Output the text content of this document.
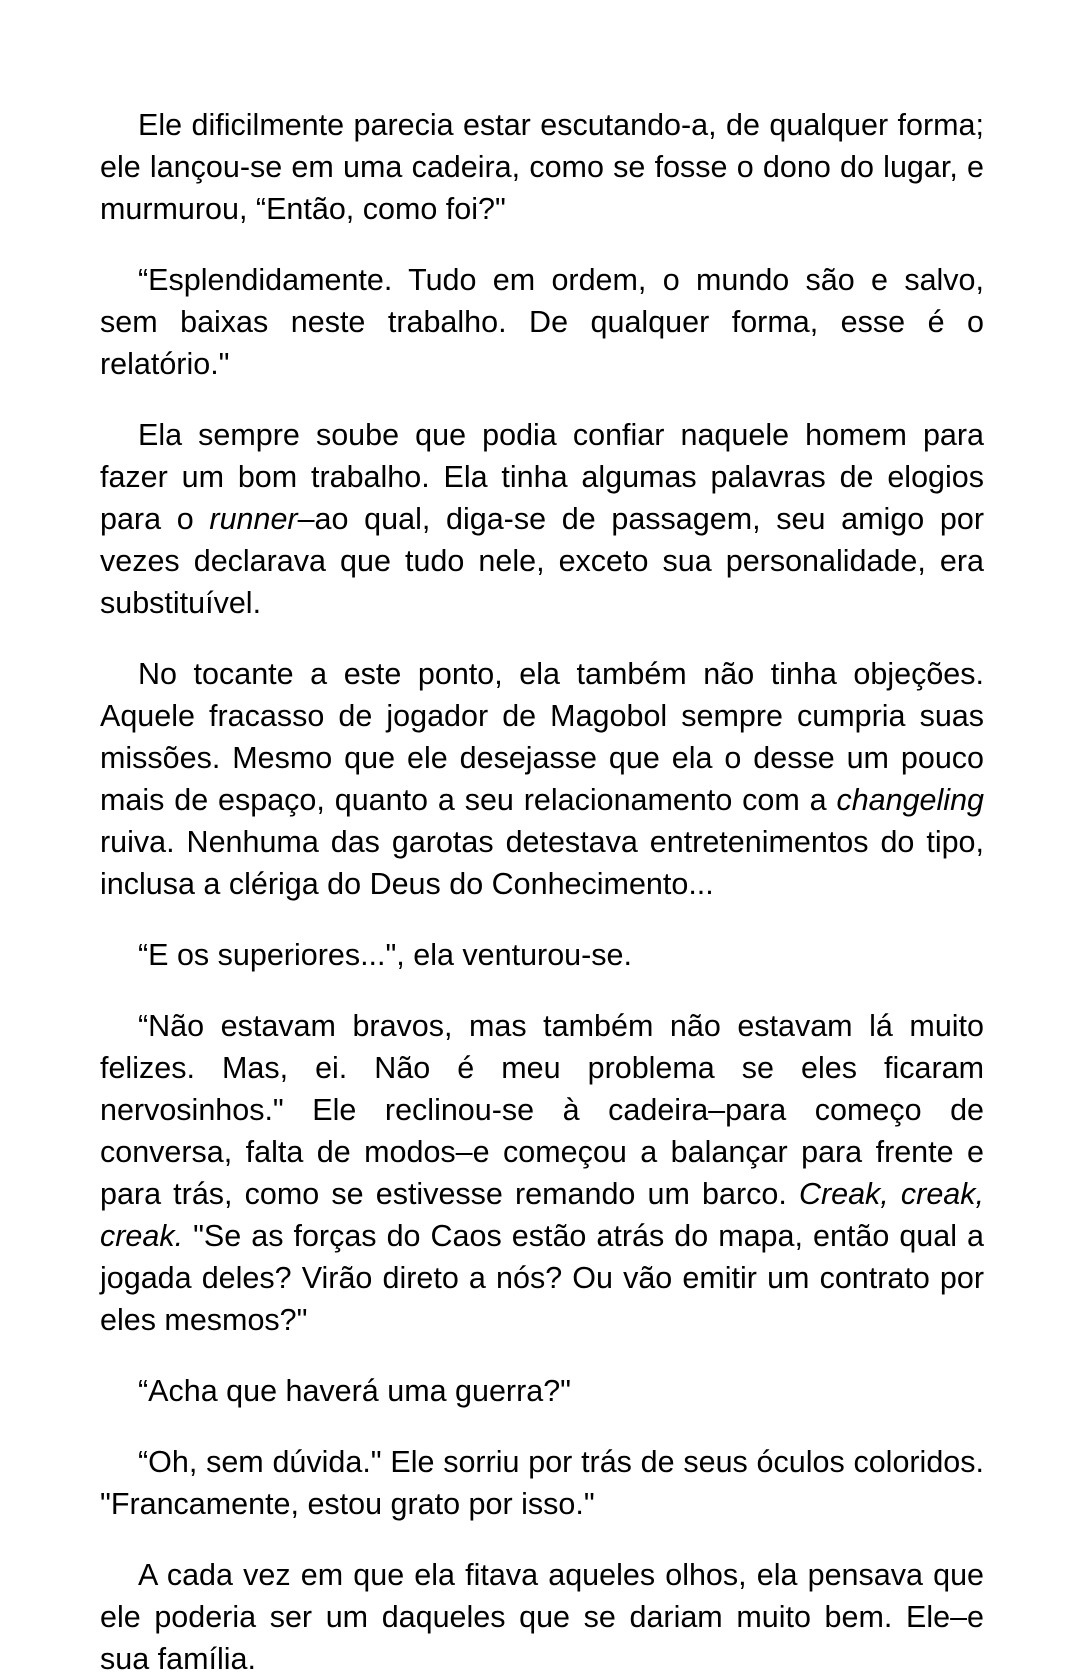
Ele dificilmente parecia estar escutando-a, de qualquer forma; ele lançou-se em uma cadeira, como se fosse o dono do lugar, e murmurou, “Então, como foi?"

“Esplendidamente. Tudo em ordem, o mundo são e salvo, sem baixas neste trabalho. De qualquer forma, esse é o relatório."

Ela sempre soube que podia confiar naquele homem para fazer um bom trabalho. Ela tinha algumas palavras de elogios para o runner–ao qual, diga-se de passagem, seu amigo por vezes declarava que tudo nele, exceto sua personalidade, era substituível.

No tocante a este ponto, ela também não tinha objeções. Aquele fracasso de jogador de Magobol sempre cumpria suas missões. Mesmo que ele desejasse que ela o desse um pouco mais de espaço, quanto a seu relacionamento com a changeling ruiva. Nenhuma das garotas detestava entretenimentos do tipo, inclusa a clériga do Deus do Conhecimento...

“E os superiores...", ela venturou-se.

“Não estavam bravos, mas também não estavam lá muito felizes. Mas, ei. Não é meu problema se eles ficaram nervosinhos." Ele reclinou-se à cadeira–para começo de conversa, falta de modos–e começou a balançar para frente e para trás, como se estivesse remando um barco. Creak, creak, creak. "Se as forças do Caos estão atrás do mapa, então qual a jogada deles? Virão direto a nós? Ou vão emitir um contrato por eles mesmos?"

“Acha que haverá uma guerra?"

“Oh, sem dúvida." Ele sorriu por trás de seus óculos coloridos. "Francamente, estou grato por isso."

A cada vez em que ela fitava aqueles olhos, ela pensava que ele poderia ser um daqueles que se dariam muito bem. Ele–e sua família.
